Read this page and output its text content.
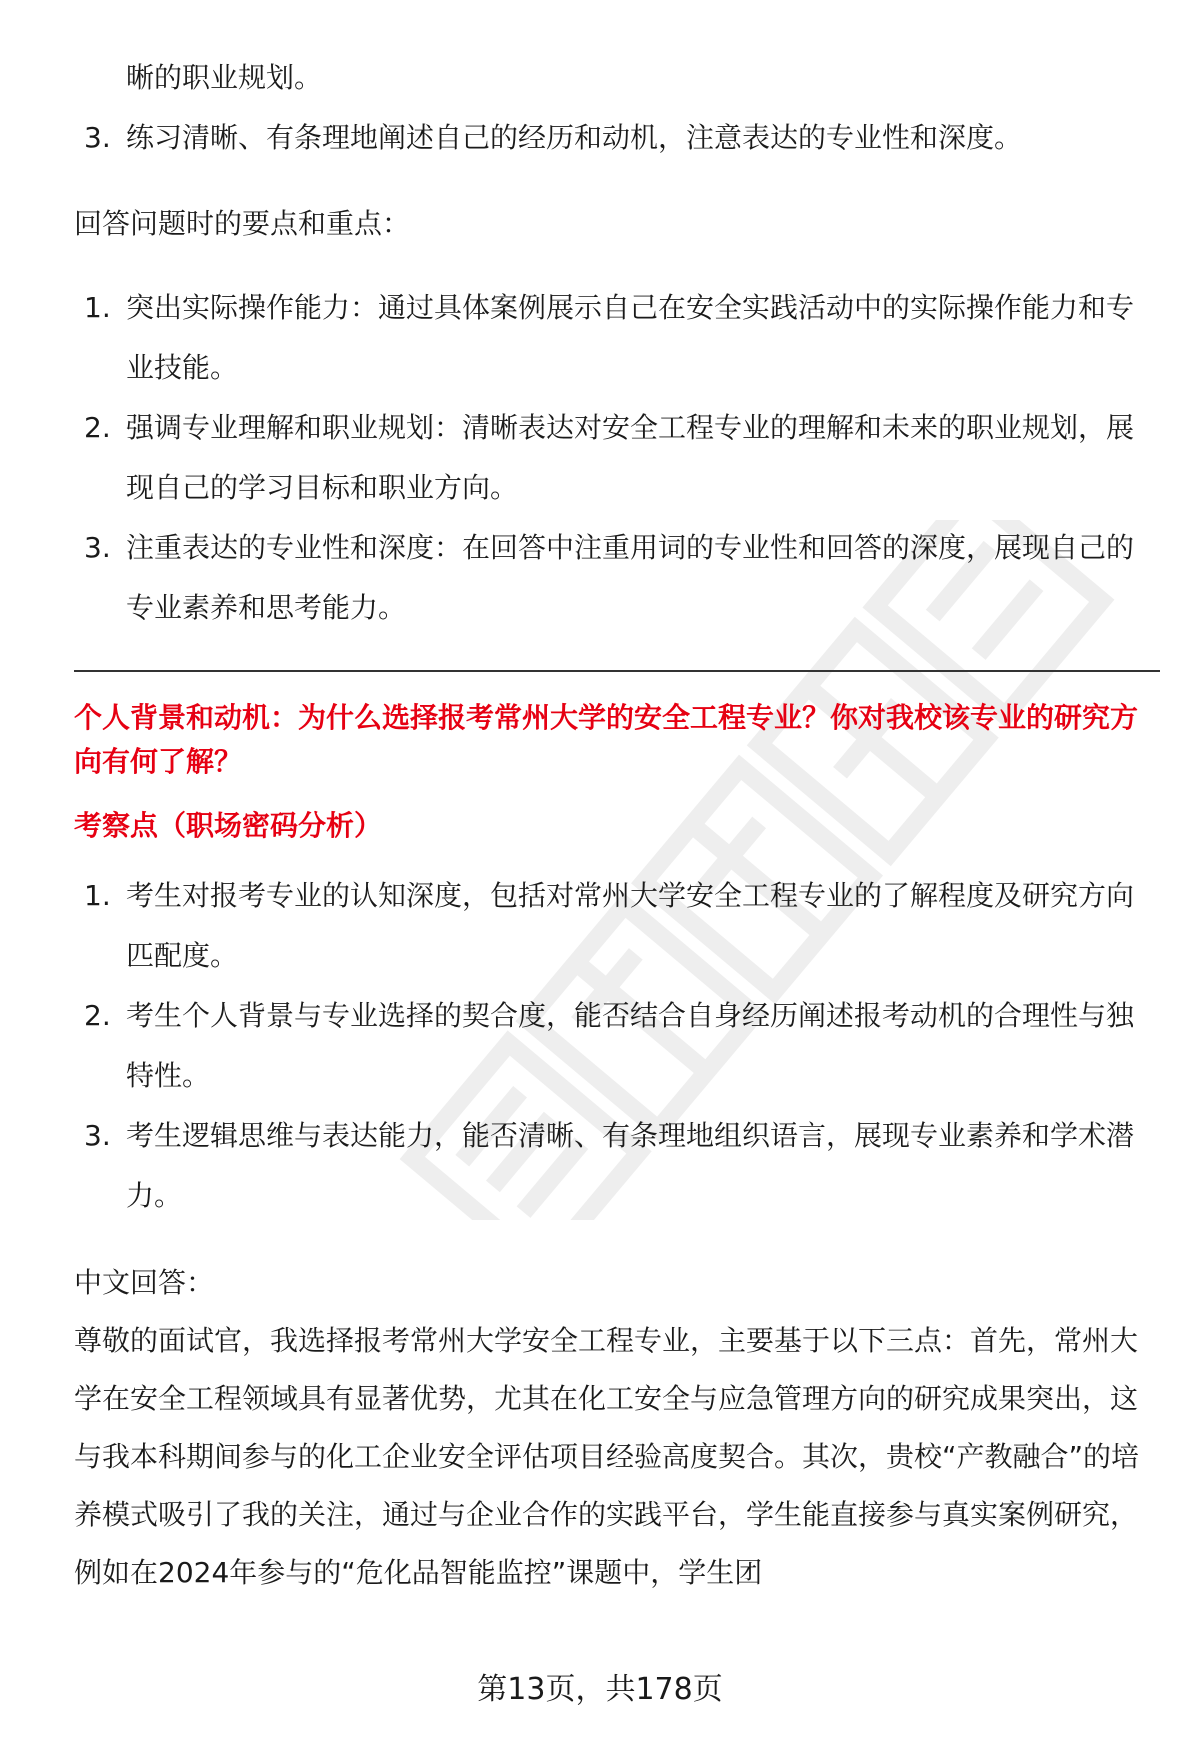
晰的职业规划。
3. 练习清晰、有条理地阐述自己的经历和动机，注意表达的专业性和深度。
回答问题时的要点和重点：
1. 突出实际操作能力：通过具体案例展示自己在安全实践活动中的实际操作能力和专业技能。
2. 强调专业理解和职业规划：清晰表达对安全工程专业的理解和未来的职业规划，展现自己的学习目标和职业方向。
3. 注重表达的专业性和深度：在回答中注重用词的专业性和回答的深度，展现自己的专业素养和思考能力。
个人背景和动机：为什么选择报考常州大学的安全工程专业？你对我校该专业的研究方向有何了解？
考察点（职场密码分析）
1. 考生对报考专业的认知深度，包括对常州大学安全工程专业的了解程度及研究方向匹配度。
2. 考生个人背景与专业选择的契合度，能否结合自身经历阐述报考动机的合理性与独特性。
3. 考生逻辑思维与表达能力，能否清晰、有条理地组织语言，展现专业素养和学术潜力。
中文回答：
尊敬的面试官，我选择报考常州大学安全工程专业，主要基于以下三点：首先，常州大学在安全工程领域具有显著优势，尤其在化工安全与应急管理方向的研究成果突出，这与我本科期间参与的化工企业安全评估项目经验高度契合。其次，贵校“产教融合”的培养模式吸引了我的关注，通过与企业合作的实践平台，学生能直接参与真实案例研究，例如在2024年参与的“危化品智能监控”课题中，学生团
第13页，共178页
